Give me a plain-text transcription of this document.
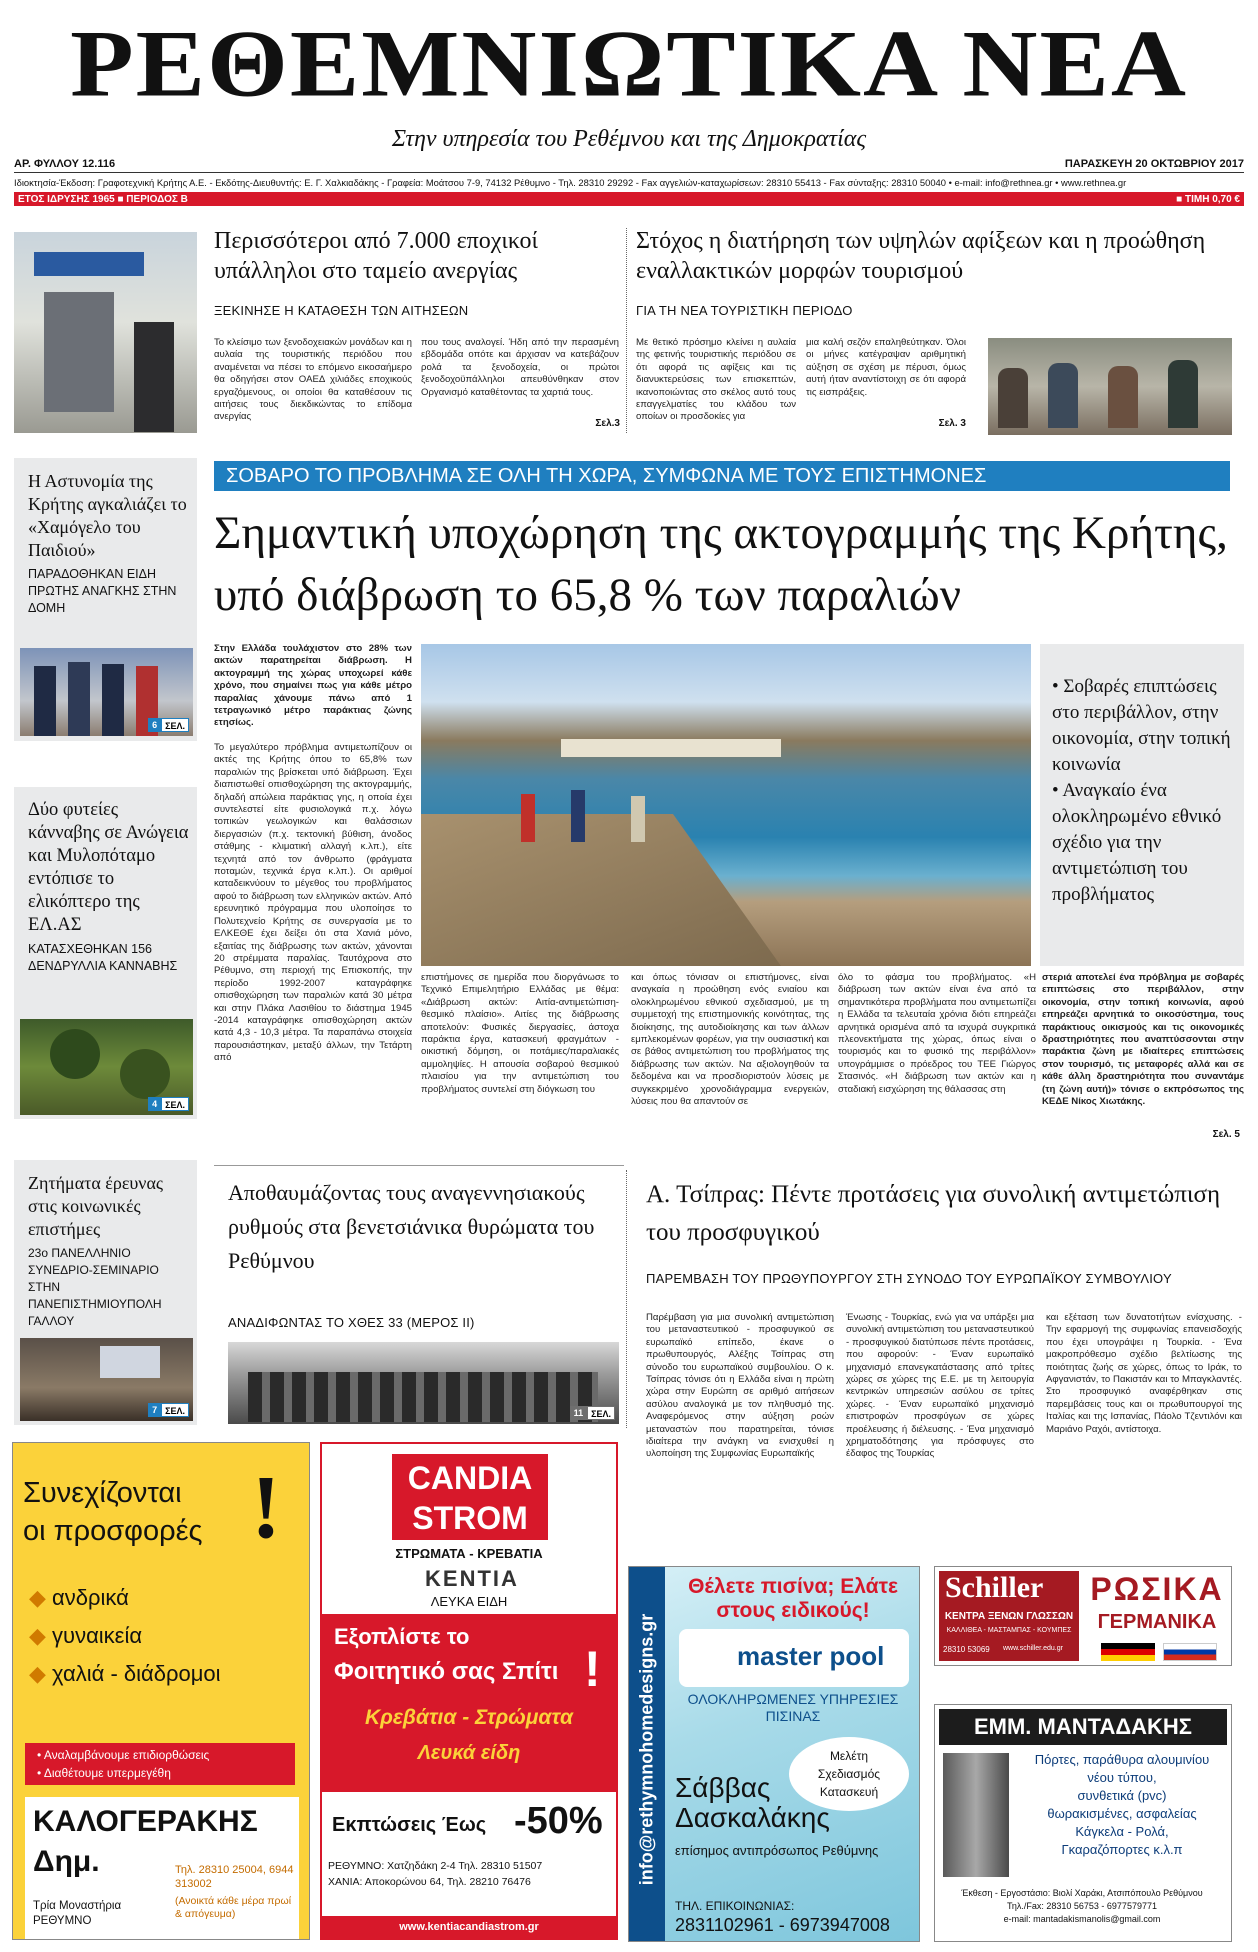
ΡΕΘΕΜΝΙΩΤΙΚΑ ΝΕΑ
Στην υπηρεσία του Ρεθέμνου και της Δημοκρατίας
ΑΡ. ΦΥΛΛΟΥ 12.116	ΠΑΡΑΣΚΕΥΗ 20 ΟΚΤΩΒΡΙΟΥ 2017
Ιδιοκτησία-Έκδοση: Γραφοτεχνική Κρήτης Α.Ε. - Εκδότης-Διευθυντής: Ε. Γ. Χαλκιαδάκης - Γραφεία: Μοάτσου 7-9, 74132 Ρέθυμνο - Τηλ. 28310 29292 - Fax αγγελιών-καταχωρίσεων: 28310 55413 - Fax σύνταξης: 28310 50040 • e-mail: info@rethnea.gr • www.rethnea.gr
ΕΤΟΣ ΙΔΡΥΣΗΣ 1965 ■ ΠΕΡΙΟΔΟΣ Β	■ ΤΙΜΗ 0,70 €
Περισσότεροι από 7.000 εποχικοί υπάλληλοι στο ταμείο ανεργίας
ΞΕΚΙΝΗΣΕ Η ΚΑΤΑΘΕΣΗ ΤΩΝ ΑΙΤΗΣΕΩΝ
Το κλείσιμο των ξενοδοχειακών μονάδων και η αυλαία της τουριστικής περιόδου που αναμένεται να πέσει το επόμενο εικοσαήμερο θα οδηγήσει στον ΟΑΕΔ χιλιάδες εποχικούς εργαζόμενους, οι οποίοι θα καταθέσουν τις αιτήσεις τους διεκδικώντας το επίδομα ανεργίας
που τους αναλογεί. Ήδη από την περασμένη εβδομάδα οπότε και άρχισαν να κατεβάζουν ρολά τα ξενοδοχεία, οι πρώτοι ξενοδοχοϋπάλληλοι απευθύνθηκαν στον Οργανισμό καταθέτοντας τα χαρτιά τους.
Σελ.3
Στόχος η διατήρηση των υψηλών αφίξεων και η προώθηση εναλλακτικών μορφών τουρισμού
ΓΙΑ ΤΗ ΝΕΑ ΤΟΥΡΙΣΤΙΚΗ ΠΕΡΙΟΔΟ
Με θετικό πρόσημο κλείνει η αυλαία της φετινής τουριστικής περιόδου σε ότι αφορά τις αφίξεις και τις διανυκτερεύσεις των επισκεπτών, ικανοποιώντας στο σκέλος αυτό τους επαγγελματίες του κλάδου των οποίων οι προσδοκίες για
μια καλή σεζόν επαληθεύτηκαν. Όλοι οι μήνες κατέγραψαν αριθμητική αύξηση σε σχέση με πέρυσι, όμως αυτή ήταν αναντίστοιχη σε ότι αφορά τις εισπράξεις.
Σελ. 3
Η Αστυνομία της Κρήτης αγκαλιάζει το «Χαμόγελο του Παιδιού»
ΠΑΡΑΔΟΘΗΚΑΝ ΕΙΔΗ ΠΡΩΤΗΣ ΑΝΑΓΚΗΣ ΣΤΗΝ ΔΟΜΗ
6 ΣΕΛ.
Δύο φυτείες κάνναβης σε Ανώγεια και Μυλοπόταμο εντόπισε το ελικόπτερο της ΕΛ.ΑΣ
ΚΑΤΑΣΧΕΘΗΚΑΝ 156 ΔΕΝΔΡΥΛΛΙΑ ΚΑΝΝΑΒΗΣ
4 ΣΕΛ.
Ζητήματα έρευνας στις κοινωνικές επιστήμες
23ο ΠΑΝΕΛΛΗΝΙΟ ΣΥΝΕΔΡΙΟ-ΣΕΜΙΝΑΡΙΟ ΣΤΗΝ ΠΑΝΕΠΙΣΤΗΜΙΟΥΠΟΛΗ ΓΑΛΛΟΥ
7 ΣΕΛ.
ΣΟΒΑΡΟ ΤΟ ΠΡΟΒΛΗΜΑ ΣΕ ΟΛΗ ΤΗ ΧΩΡΑ, ΣΥΜΦΩΝΑ ΜΕ ΤΟΥΣ ΕΠΙΣΤΗΜΟΝΕΣ
Σημαντική υποχώρηση της ακτογραμμής της Κρήτης, υπό διάβρωση το 65,8 % των παραλιών
Στην Ελλάδα τουλάχιστον στο 28% των ακτών παρατηρείται διάβρωση. Η ακτογραμμή της χώρας υποχωρεί κάθε χρόνο, που σημαίνει πως για κάθε μέτρο παραλίας χάνουμε πάνω από 1 τετραγωνικό μέτρο παράκτιας ζώνης ετησίως.
Το μεγαλύτερο πρόβλημα αντιμετωπίζουν οι ακτές της Κρήτης όπου το 65,8% των παραλιών της βρίσκεται υπό διάβρωση. Έχει διαπιστωθεί οπισθοχώρηση της ακτογραμμής, δηλαδή απώλεια παράκτιας γης, η οποία έχει συντελεστεί είτε φυσιολογικά π.χ. λόγω τοπικών γεωλογικών και θαλάσσιων διεργασιών (π.χ. τεκτονική βύθιση, άνοδος στάθμης - κλιματική αλλαγή κ.λπ.), είτε τεχνητά από τον άνθρωπο (φράγματα ποταμών, τεχνικά έργα κ.λπ.). Οι αριθμοί καταδεικνύουν το μέγεθος του προβλήματος αφού το διάβρωση των ελληνικών ακτών. Από ερευνητικό πρόγραμμα που υλοποίησε το Πολυτεχνείο Κρήτης σε συνεργασία με το ΕΛΚΕΘΕ έχει δείξει ότι στα Χανιά μόνο, εξαιτίας της διάβρωσης των ακτών, χάνονται 20 στρέμματα παραλίας. Ταυτόχρονα στο Ρέθυμνο, στη περιοχή της Επισκοπής, την περίοδο 1992-2007 καταγράφηκε οπισθοχώρηση των παραλιών κατά 30 μέτρα και στην Πλάκα Λασιθίου το διάστημα 1945 -2014 καταγράφηκε οπισθοχώρηση ακτών κατά 4,3 - 10,3 μέτρα. Τα παραπάνω στοιχεία παρουσιάστηκαν, μεταξύ άλλων, την Τετάρτη από
• Σοβαρές επιπτώσεις στο περιβάλλον, στην οικονομία, στην τοπική κοινωνία
• Αναγκαίο ένα ολοκληρωμένο εθνικό σχέδιο για την αντιμετώπιση του προβλήματος
επιστήμονες σε ημερίδα που διοργάνωσε το Τεχνικό Επιμελητήριο Ελλάδας με θέμα: «Διάβρωση ακτών: Αιτία-αντιμετώπιση-θεσμικό πλαίσιο». Αιτίες της διάβρωσης αποτελούν: Φυσικές διεργασίες, άστοχα παράκτια έργα, κατασκευή φραγμάτων - οικιστική δόμηση, οι ποτάμιες/παραλιακές αμμοληψίες. Η απουσία σοβαρού θεσμικού πλαισίου για την αντιμετώπιση του προβλήματος συντελεί στη διόγκωση του
και όπως τόνισαν οι επιστήμονες, είναι αναγκαία η προώθηση ενός ενιαίου και ολοκληρωμένου εθνικού σχεδιασμού, με τη συμμετοχή της επιστημονικής κοινότητας, της διοίκησης, της αυτοδιοίκησης και των άλλων εμπλεκομένων φορέων, για την ουσιαστική και σε βάθος αντιμετώπιση του προβλήματος της διάβρωσης των ακτών. Να αξιολογηθούν τα δεδομένα και να προσδιοριστούν λύσεις με συγκεκριμένο χρονοδιάγραμμα ενεργειών, λύσεις που θα απαντούν σε
όλο το φάσμα του προβλήματος. «Η διάβρωση των ακτών είναι ένα από τα σημαντικότερα προβλήματα που αντιμετωπίζει η Ελλάδα τα τελευταία χρόνια διότι επηρεάζει αρνητικά ορισμένα από τα ισχυρά συγκριτικά πλεονεκτήματα της χώρας, όπως είναι ο τουρισμός και το φυσικό της περιβάλλον» υπογράμμισε ο πρόεδρος του ΤΕΕ Γιώργος Στασινός. «Η διάβρωση των ακτών και η σταδιακή εισχώρηση της θάλασσας στη
στεριά αποτελεί ένα πρόβλημα με σοβαρές επιπτώσεις στο περιβάλλον, στην οικονομία, στην τοπική κοινωνία, αφού επηρεάζει αρνητικά το οικοσύστημα, τους παράκτιους οικισμούς και τις οικονομικές δραστηριότητες που αναπτύσσονται στην παράκτια ζώνη με ιδιαίτερες επιπτώσεις στον τουρισμό, τις μεταφορές αλλά και σε κάθε άλλη δραστηριότητα που συναντάμε (τη ζώνη αυτή)» τόνισε ο εκπρόσωπος της ΚΕΔΕ Νίκος Χιωτάκης.
Σελ. 5
Αποθαυμάζοντας τους αναγεννησιακούς ρυθμούς στα βενετσιάνικα θυρώματα του Ρεθύμνου
ΑΝΑΔΙΦΩΝΤΑΣ ΤΟ ΧΘΕΣ 33 (ΜΕΡΟΣ ΙΙ)
11 ΣΕΛ.
Α. Τσίπρας: Πέντε προτάσεις για συνολική αντιμετώπιση του προσφυγικού
ΠΑΡΕΜΒΑΣΗ ΤΟΥ ΠΡΩΘΥΠΟΥΡΓΟΥ ΣΤΗ ΣΥΝΟΔΟ ΤΟΥ ΕΥΡΩΠΑΪΚΟΥ ΣΥΜΒΟΥΛΙΟΥ
Παρέμβαση για μια συνολική αντιμετώπιση του μεταναστευτικού - προσφυγικού σε ευρωπαϊκό επίπεδο, έκανε ο πρωθυπουργός, Αλέξης Τσίπρας στη σύνοδο του ευρωπαϊκού συμβουλίου. Ο κ. Τσίπρας τόνισε ότι η Ελλάδα είναι η πρώτη χώρα στην Ευρώπη σε αριθμό αιτήσεων ασύλου αναλογικά με τον πληθυσμό της. Αναφερόμενος στην αύξηση ροών μεταναστών που παρατηρείται, τόνισε ιδιαίτερα την ανάγκη να ενισχυθεί η υλοποίηση της Συμφωνίας Ευρωπαϊκής
Ένωσης - Τουρκίας, ενώ για να υπάρξει μια συνολική αντιμετώπιση του μεταναστευτικού - προσφυγικού διατύπωσε πέντε προτάσεις, που αφορούν: - Έναν ευρωπαϊκό μηχανισμό επανεγκατάστασης από τρίτες χώρες σε χώρες της Ε.Ε. με τη λειτουργία κεντρικών υπηρεσιών ασύλου σε τρίτες χώρες. - Έναν ευρωπαϊκό μηχανισμό επιστροφών προσφύγων σε χώρες προέλευσης ή διέλευσης. - Ένα μηχανισμό χρηματοδότησης για πρόσφυγες στο έδαφος της Τουρκίας
και εξέταση των δυνατοτήτων ενίσχυσης. - Την εφαρμογή της συμφωνίας επανεισδοχής που έχει υπογράψει η Τουρκία. - Ένα μακροπρόθεσμο σχέδιο βελτίωσης της ποιότητας ζωής σε χώρες, όπως το Ιράκ, το Αφγανιστάν, το Πακιστάν και το Μπαγκλαντές. Στο προσφυγικό αναφέρθηκαν στις παρεμβάσεις τους και οι πρωθυπουργοί της Ιταλίας και της Ισπανίας, Πάολο Τζεντιλόνι και Μαριάνο Ραχόι, αντίστοιχα.
Συνεχίζονται
οι προσφορές !
◆ ανδρικά
◆ γυναικεία
◆ χαλιά - διάδρομοι
• Αναλαμβάνουμε επιδιορθώσεις
• Διαθέτουμε υπερμεγέθη
ΚΑΛΟΓΕΡΑΚΗΣ
Δημ.
Τρία Μοναστήρια ΡΕΘΥΜΝΟ
Τηλ. 28310 25004, 6944 313002
(Ανοικτά κάθε μέρα πρωί & απόγευμα)
CANDIA
STROM
ΣΤΡΩΜΑΤΑ - ΚΡΕΒΑΤΙΑ
KENTIA
ΛΕΥΚΑ ΕΙΔΗ
Εξοπλίστε το
Φοιτητικό σας Σπίτι !
Κρεβάτια - Στρώματα
Λευκά είδη
Εκπτώσεις Έως -50%
ΡΕΘΥΜΝΟ: Χατζηδάκη 2-4 Τηλ. 28310 51507
ΧΑΝΙΑ: Αποκορώνου 64, Τηλ. 28210 76476
www.kentiacandiastrom.gr
info@rethymnohomedesigns.gr
Θέλετε πισίνα; Ελάτε
στους ειδικούς!
master pool
ΟΛΟΚΛΗΡΩΜΕΝΕΣ ΥΠΗΡΕΣΙΕΣ ΠΙΣΙΝΑΣ
Μελέτη
Σχεδιασμός
Κατασκευή
Σάββας
Δασκαλάκης
επίσημος αντιπρόσωπος Ρεθύμνης
ΤΗΛ. ΕΠΙΚΟΙΝΩΝΙΑΣ:
2831102961 - 6973947008
Schiller
ΚΕΝΤΡΑ ΞΕΝΩΝ ΓΛΩΣΣΩΝ
ΚΑΛΛΙΘΕΑ - ΜΑΣΤΑΜΠΑΣ - ΚΟΥΜΠΕΣ
28310 53069 www.schiller.edu.gr
ΡΩΣΙΚΑ
ΓΕΡΜΑΝΙΚΑ
ΕΜΜ. ΜΑΝΤΑΔΑΚΗΣ
Πόρτες, παράθυρα αλουμινίου
νέου τύπου,
συνθετικά (pvc)
θωρακισμένες, ασφαλείας
Κάγκελα - Ρολά,
Γκαραζόπορτες κ.λ.π
Έκθεση - Εργοστάσιο: Βιολί Χαράκι, Ατσιπόπουλο Ρεθύμνου
Τηλ./Fax: 28310 56753 - 6977579771
e-mail: mantadakismanolis@gmail.com
